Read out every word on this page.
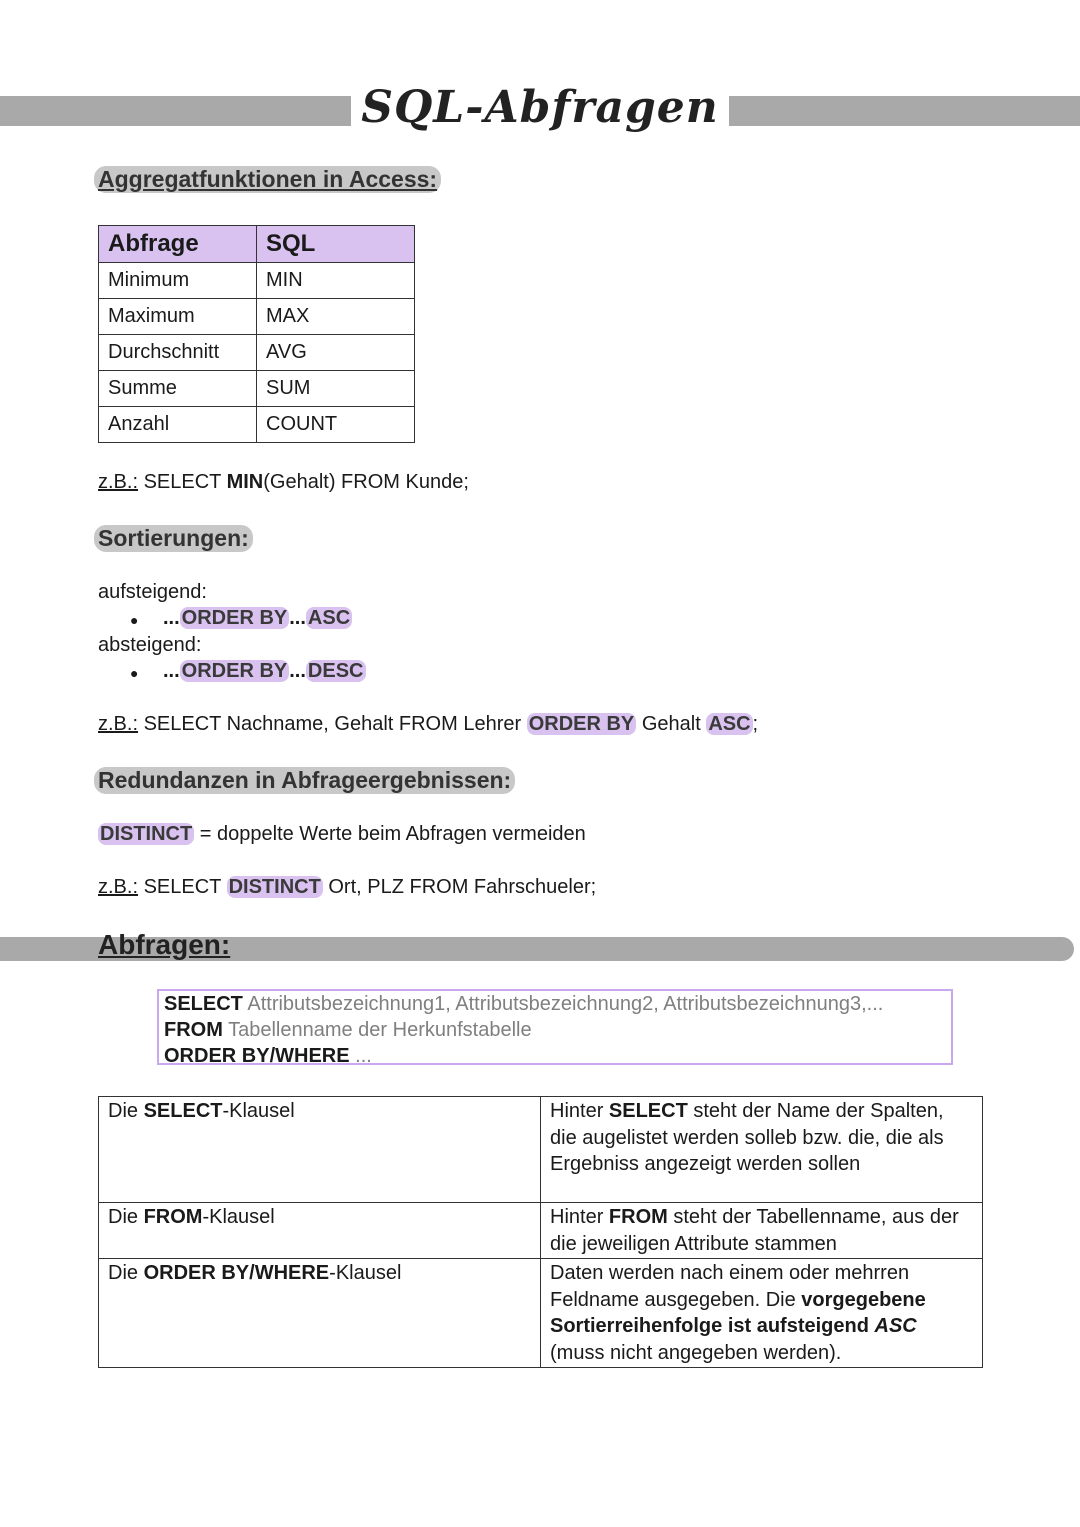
SQL-Abfragen
Aggregatfunktionen in Access:
Abfrage	SQL
Minimum	MIN
Maximum	MAX
Durchschnitt	AVG
Summe	SUM
Anzahl	COUNT
z.B.: SELECT MIN(Gehalt) FROM Kunde;
Sortierungen:
aufsteigend:
● ... ORDER BY ... ASC
absteigend:
● ... ORDER BY ... DESC
z.B.: SELECT Nachname, Gehalt FROM Lehrer ORDER BY Gehalt ASC ;
Redundanzen in Abfrageergebnissen:
DISTINCT = doppelte Werte beim Abfragen vermeiden
z.B.: SELECT DISTINCT Ort, PLZ FROM Fahrschueler;
Abfragen:
SELECT Attributsbezeichnung1, Attributsbezeichnung2, Attributsbezeichnung3,...
FROM Tabellenname der Herkunfstabelle
ORDER BY/WHERE ...
Die SELECT-Klausel	Hinter SELECT steht der Name der Spalten, die augelistet werden solleb bzw. die, die als Ergebniss angezeigt werden sollen
Die FROM-Klausel	Hinter FROM steht der Tabellenname, aus der die jeweiligen Attribute stammen
Die ORDER BY/WHERE-Klausel	Daten werden nach einem oder mehrren Feldname ausgegeben. Die vorgegebene Sortierreihenfolge ist aufsteigend ASC (muss nicht angegeben werden).
